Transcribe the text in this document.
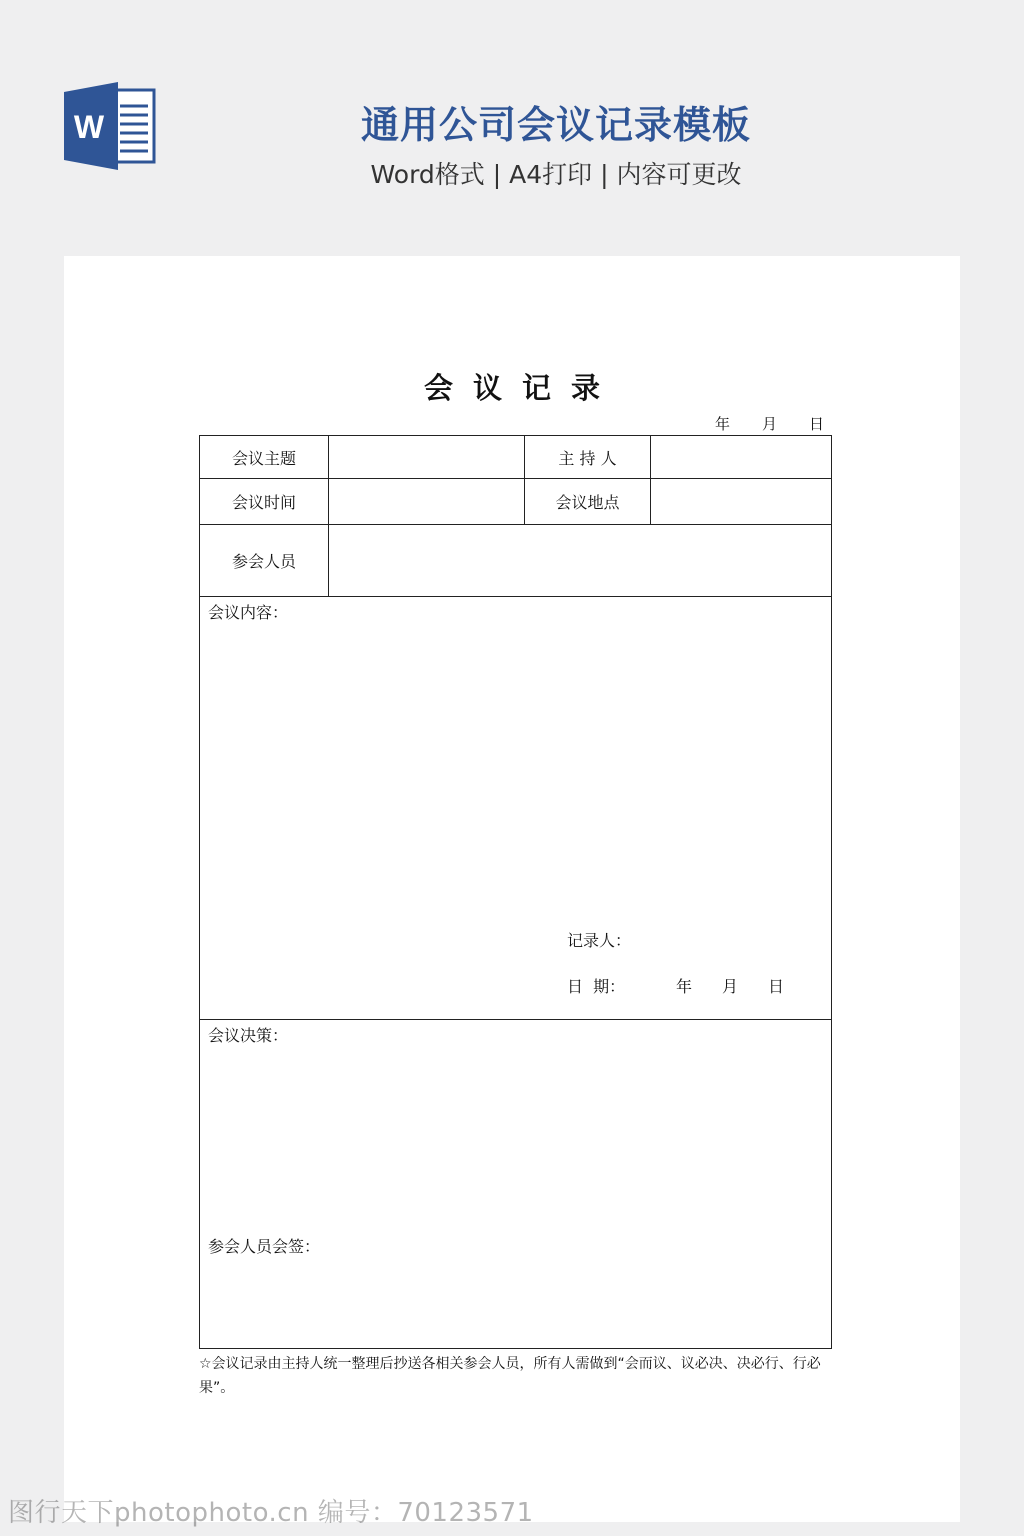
W	通用公司会议记录模板
Word格式 | A4打印 | 内容可更改
会议记录
年 月 日
会议主题	主 持 人
会议时间	会议地点
参会人员
会议内容：
记录人：
日  期：	年 月 日
会议决策：
参会人员会签：
☆会议记录由主持人统一整理后抄送各相关参会人员，所有人需做到“会而议、议必决、决必行、行必果”。
图行天下photophoto.cn 编号：70123571
